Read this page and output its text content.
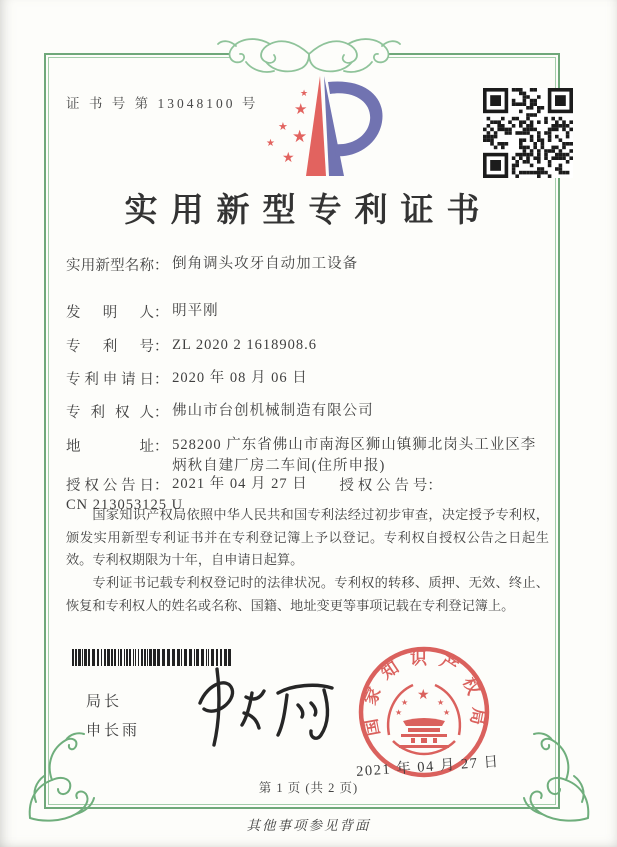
证 书 号 第 13048100 号 ★
★
★
★
★
★
实用新型专利证书
实用新型名称： 倒角调头攻牙自动加工设备
发明人： 明平刚
专利号： ZL 2020 2 1618908.6
专利申请日： 2020 年 08 月 06 日
专利权人： 佛山市台创机械制造有限公司
地址： 528200 广东省佛山市南海区狮山镇狮北岗头工业区李炳秋自建厂房二车间(住所申报)
授权公告日： 2021 年 04 月 27 日 授权公告号： CN 213053125 U

国家知识产权局依照中华人民共和国专利法经过初步审查，决定授予专利权，颁发实用新型专利证书并在专利登记簿上予以登记。专利权自授权公告之日起生效。专利权期限为十年，自申请日起算。

专利证书记载专利权登记时的法律状况。专利权的转移、质押、无效、终止、恢复和专利权人的姓名或名称、国籍、地址变更等事项记载在专利登记簿上。

国家知识产权局
★
★	★
★	★
2021 年 04 月 27 日
局长
申长雨
第 1 页 (共 2 页)
其他事项参见背面
